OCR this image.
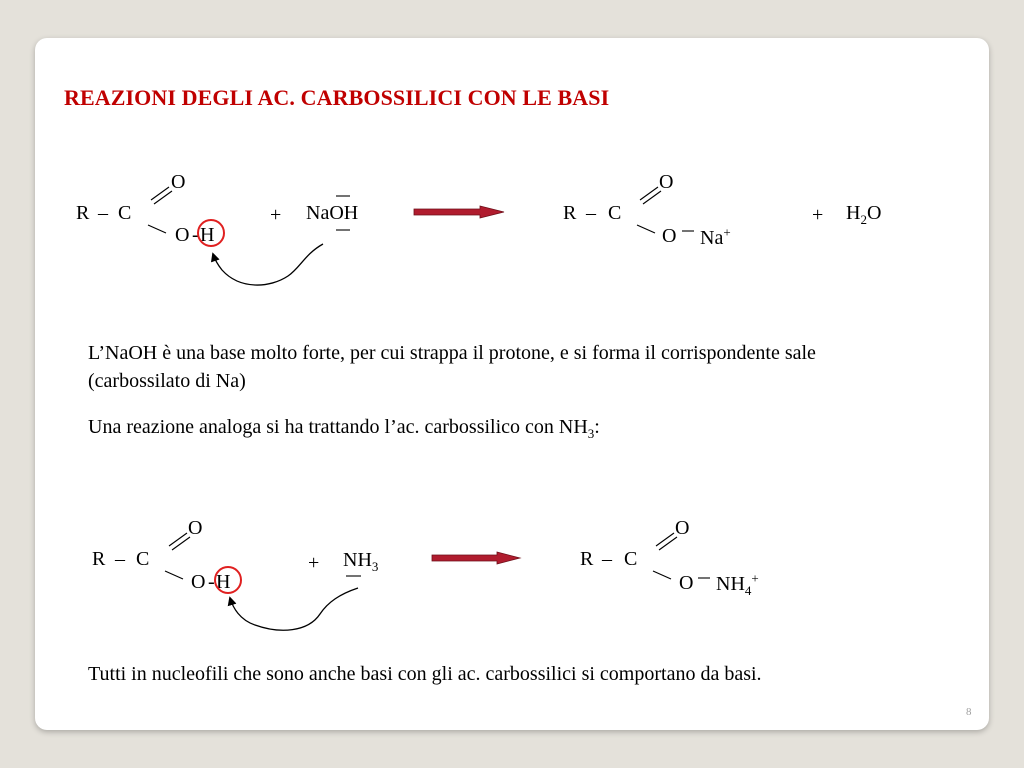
REAZIONI DEGLI AC. CARBOSSILICI CON LE BASI
R – C
O
O - H
+ NaOH	R – C
O
O Na+
+ $H_2O$
L’NaOH è una base molto forte, per cui strappa il protone, e si forma il corrispondente sale (carbossilato di Na)
Una reazione analoga si ha trattando l’ac. carbossilico con $NH_3$:
R – C
O
O - H
+ $NH_3$	R – C
O
O $NH_4^+$
Tutti in nucleofili che sono anche basi con gli ac. carbossilici si comportano da basi.
8
